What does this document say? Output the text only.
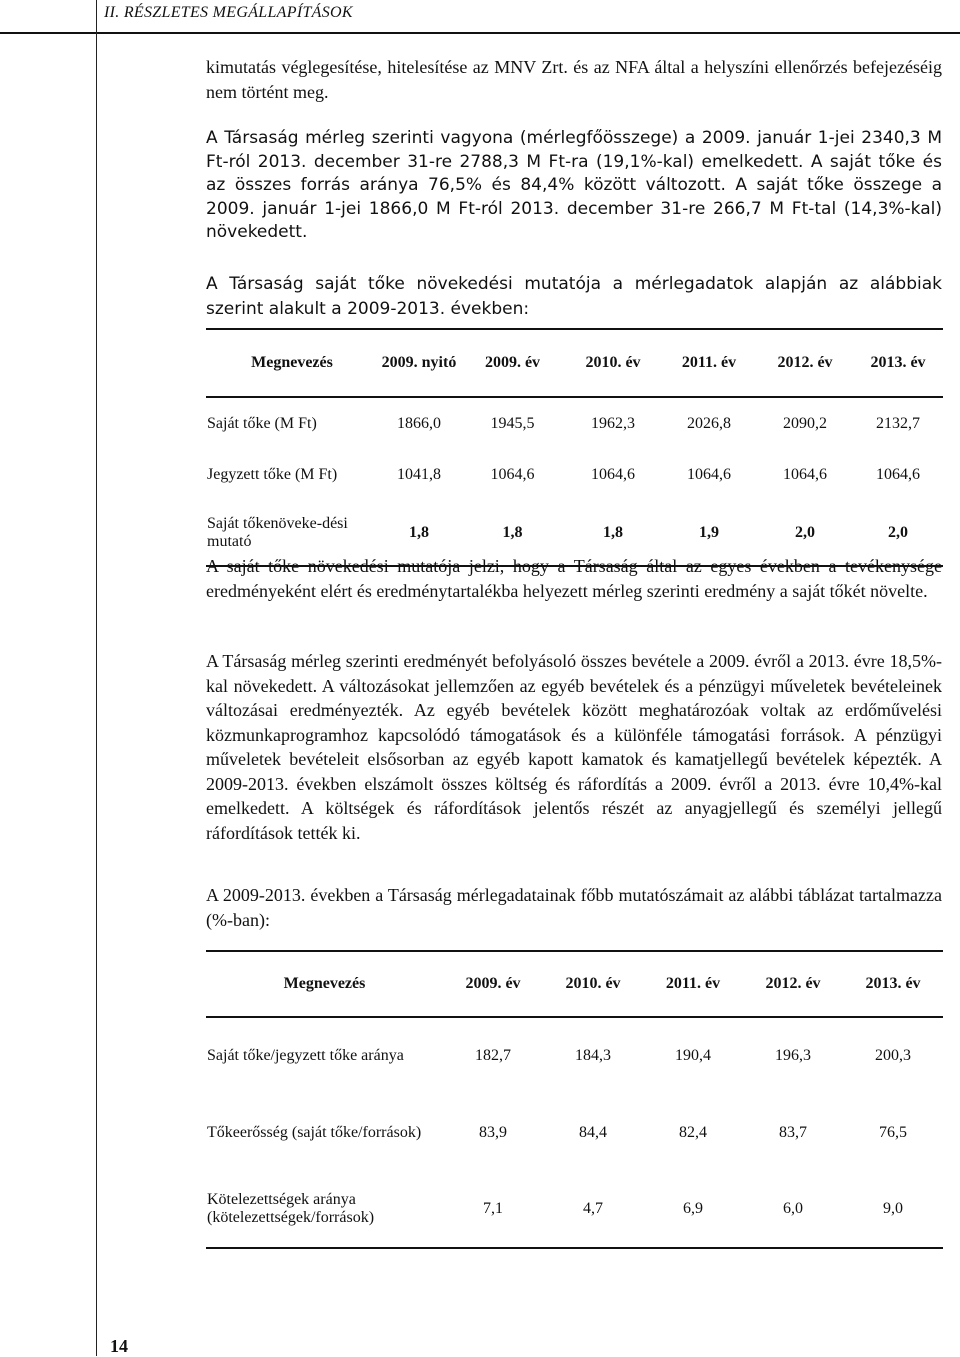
II. RÉSZLETES MEGÁLLAPÍTÁSOK

kimutatás véglegesítése, hitelesítése az MNV Zrt. és az NFA által a helyszíni ellenőrzés befejezéséig nem történt meg.

A Társaság mérleg szerinti vagyona (mérlegfőösszege) a 2009. január 1-jei 2340,3 M Ft-ról 2013. december 31-re 2788,3 M Ft-ra (19,1%-kal) emelkedett. A saját tőke és az összes forrás aránya 76,5% és 84,4% között változott. A saját tőke összege a 2009. január 1-jei 1866,0 M Ft-ról 2013. december 31-re 266,7 M Ft-tal (14,3%-kal) növekedett.

A Társaság saját tőke növekedési mutatója a mérlegadatok alapján az alábbiak szerint alakult a 2009-2013. években:

Megnevezés	2009. nyitó	2009. év	2010. év	2011. év	2012. év	2013. év
Saját tőke (M Ft)	1866,0	1945,5	1962,3	2026,8	2090,2	2132,7
Jegyzett tőke (M Ft)	1041,8	1064,6	1064,6	1064,6	1064,6	1064,6
Saját tőkenöveke-dési mutató	1,8	1,8	1,8	1,9	2,0	2,0

A saját tőke növekedési mutatója jelzi, hogy a Társaság által az egyes években a tevékenysége eredményeként elért és eredménytartalékba helyezett mérleg szerinti eredmény a saját tőkét növelte.

A Társaság mérleg szerinti eredményét befolyásoló összes bevétele a 2009. évről a 2013. évre 18,5%-kal növekedett. A változásokat jellemzően az egyéb bevételek és a pénzügyi műveletek bevételeinek változásai eredményezték. Az egyéb bevételek között meghatározóak voltak az erdőművelési közmunkaprogramhoz kapcsolódó támogatások és a különféle támogatási források. A pénzügyi műveletek bevételeit elsősorban az egyéb kapott kamatok és kamatjellegű bevételek képezték. A 2009-2013. években elszámolt összes költség és ráfordítás a 2009. évről a 2013. évre 10,4%-kal emelkedett. A költségek és ráfordítások jelentős részét az anyagjellegű és személyi jellegű ráfordítások tették ki.

A 2009-2013. években a Társaság mérlegadatainak főbb mutatószámait az alábbi táblázat tartalmazza (%-ban):

Megnevezés	2009. év	2010. év	2011. év	2012. év	2013. év
Saját tőke/jegyzett tőke aránya	182,7	184,3	190,4	196,3	200,3
Tőkeerősség (saját tőke/források)	83,9	84,4	82,4	83,7	76,5
Kötelezettségek aránya (kötelezettségek/források)	7,1	4,7	6,9	6,0	9,0
14
